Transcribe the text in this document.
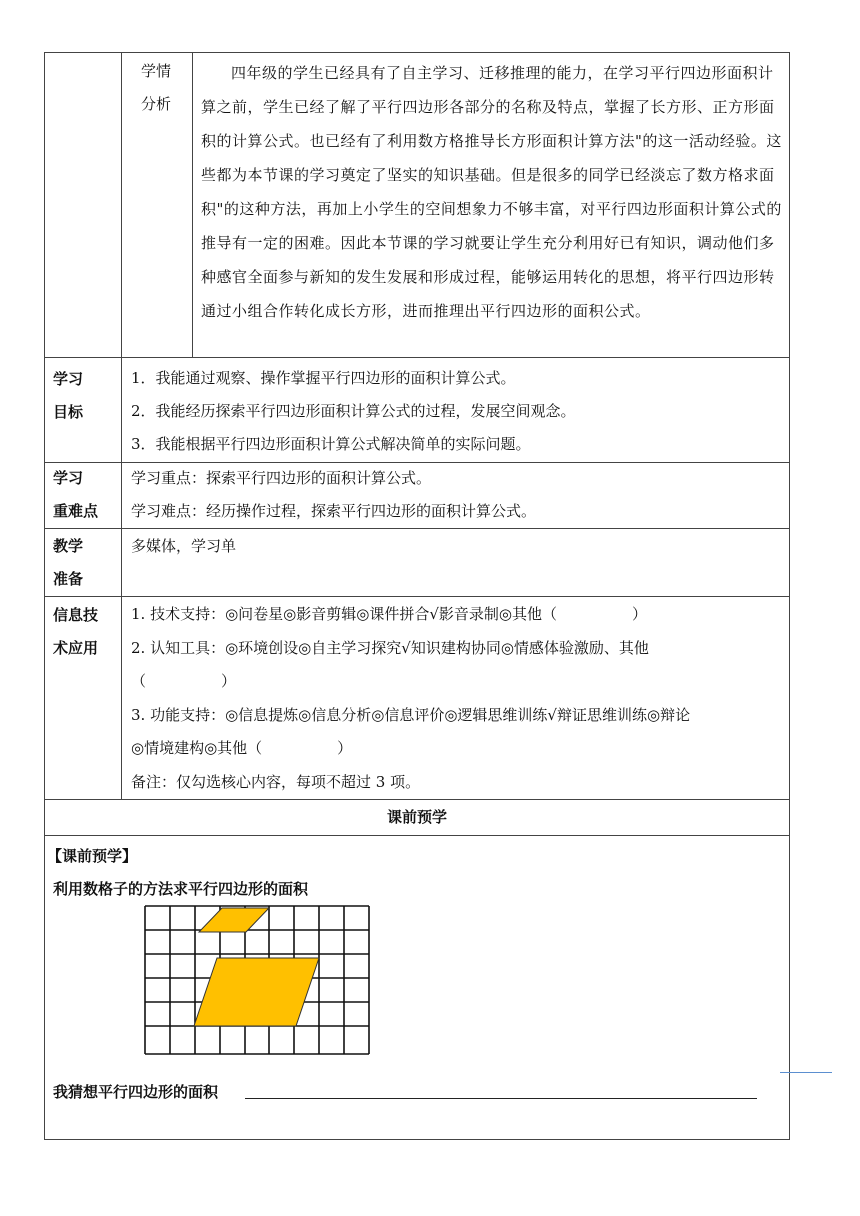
学情
分析
四年级的学生已经具有了自主学习、迁移推理的能力，在学习平行四边形面积计算之前，学生已经了解了平行四边形各部分的名称及特点，掌握了长方形、正方形面积的计算公式。也已经有了利用数方格推导长方形面积计算方法"的这一活动经验。这些都为本节课的学习奠定了坚实的知识基础。但是很多的同学已经淡忘了数方格求面积"的这种方法，再加上小学生的空间想象力不够丰富，对平行四边形面积计算公式的推导有一定的困难。因此本节课的学习就要让学生充分利用好已有知识，调动他们多种感官全面参与新知的发生发展和形成过程，能够运用转化的思想，将平行四边形转通过小组合作转化成长方形，进而推理出平行四边形的面积公式。
学习
目标
1．我能通过观察、操作掌握平行四边形的面积计算公式。
2．我能经历探索平行四边形面积计算公式的过程，发展空间观念。
3．我能根据平行四边形面积计算公式解决简单的实际问题。
学习
重难点
学习重点：探索平行四边形的面积计算公式。
学习难点：经历操作过程，探索平行四边形的面积计算公式。
教学
准备
多媒体，学习单
信息技
术应用
1. 技术支持：◎问卷星◎影音剪辑◎课件拼合√影音录制◎其他（　　　　　）
2. 认知工具：◎环境创设◎自主学习探究√知识建构协同◎情感体验激励、其他
（　　　　　）
3. 功能支持：◎信息提炼◎信息分析◎信息评价◎逻辑思维训练√辩证思维训练◎辩论
◎情境建构◎其他（　　　　　）
备注：仅勾选核心内容，每项不超过 3 项。
课前预学
【课前预学】
利用数格子的方法求平行四边形的面积
我猜想平行四边形的面积
